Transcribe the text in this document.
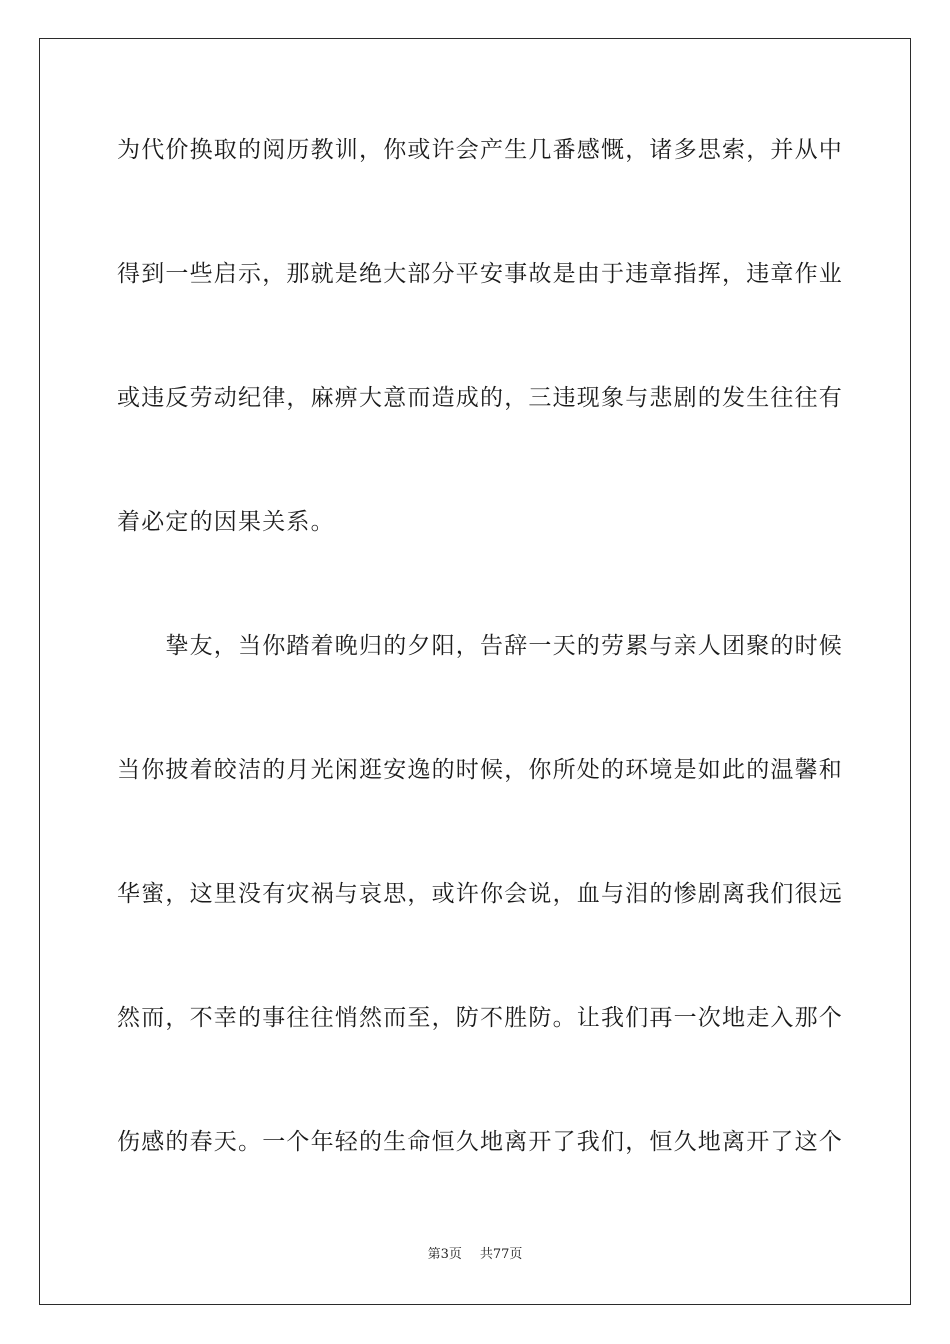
为代价换取的阅历教训，你或许会产生几番感慨，诸多思索，并从中
得到一些启示，那就是绝大部分平安事故是由于违章指挥，违章作业
或违反劳动纪律，麻痹大意而造成的，三违现象与悲剧的发生往往有
着必定的因果关系。
　　挚友，当你踏着晚归的夕阳，告辞一天的劳累与亲人团聚的时候
当你披着皎洁的月光闲逛安逸的时候，你所处的环境是如此的温馨和
华蜜，这里没有灾祸与哀思，或许你会说，血与泪的惨剧离我们很远
然而，不幸的事往往悄然而至，防不胜防。让我们再一次地走入那个
伤感的春天。一个年轻的生命恒久地离开了我们，恒久地离开了这个
第3页 共77页
